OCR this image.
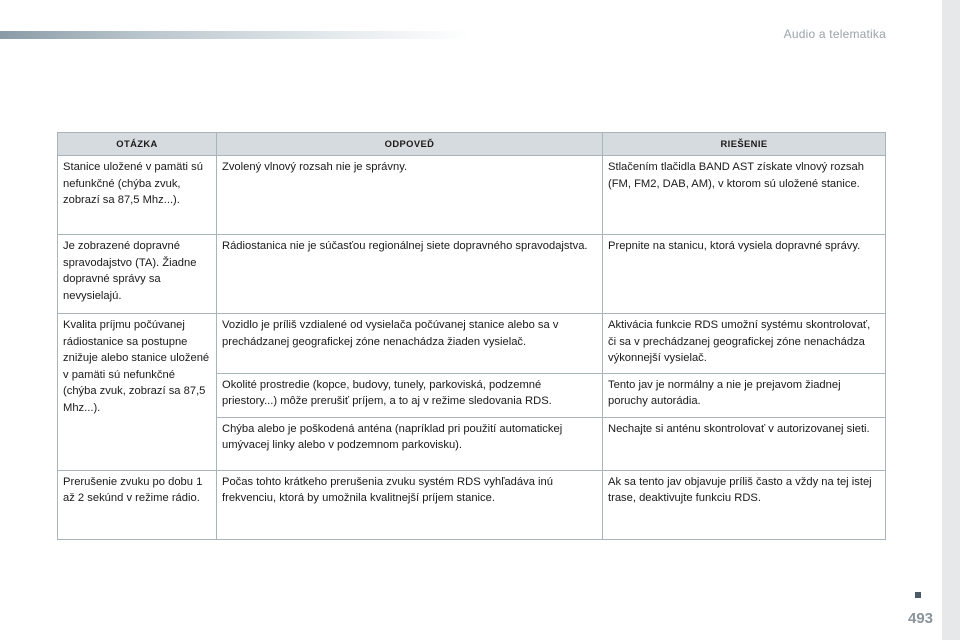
Audio a telematika
OTÁZKA	ODPOVEĎ	RIEŠENIE
Stanice uložené v pamäti sú nefunkčné (chýba zvuk, zobrazí sa 87,5 Mhz...).	Zvolený vlnový rozsah nie je správny.	Stlačením tlačidla BAND AST získate vlnový rozsah (FM, FM2, DAB, AM), v ktorom sú uložené stanice.
Je zobrazené dopravné spravodajstvo (TA). Žiadne dopravné správy sa nevysielajú.	Rádiostanica nie je súčasťou regionálnej siete dopravného spravodajstva.	Prepnite na stanicu, ktorá vysiela dopravné správy.
Kvalita príjmu počúvanej rádiostanice sa postupne znižuje alebo stanice uložené v pamäti sú nefunkčné (chýba zvuk, zobrazí sa 87,5 Mhz...).	Vozidlo je príliš vzdialené od vysielača počúvanej stanice alebo sa v prechádzanej geografickej zóne nenachádza žiaden vysielač.	Aktivácia funkcie RDS umožní systému skontrolovať, či sa v prechádzanej geografickej zóne nenachádza výkonnejší vysielač.
	Okolité prostredie (kopce, budovy, tunely, parkoviská, podzemné priestory...) môže prerušiť príjem, a to aj v režime sledovania RDS.	Tento jav je normálny a nie je prejavom žiadnej poruchy autorádia.
	Chýba alebo je poškodená anténa (napríklad pri použití automatickej umývacej linky alebo v podzemnom parkovisku).	Nechajte si anténu skontrolovať v autorizovanej sieti.
Prerušenie zvuku po dobu 1 až 2 sekúnd v režime rádio.	Počas tohto krátkeho prerušenia zvuku systém RDS vyhľadáva inú frekvenciu, ktorá by umožnila kvalitnejší príjem stanice.	Ak sa tento jav objavuje príliš často a vždy na tej istej trase, deaktivujte funkciu RDS.
493
